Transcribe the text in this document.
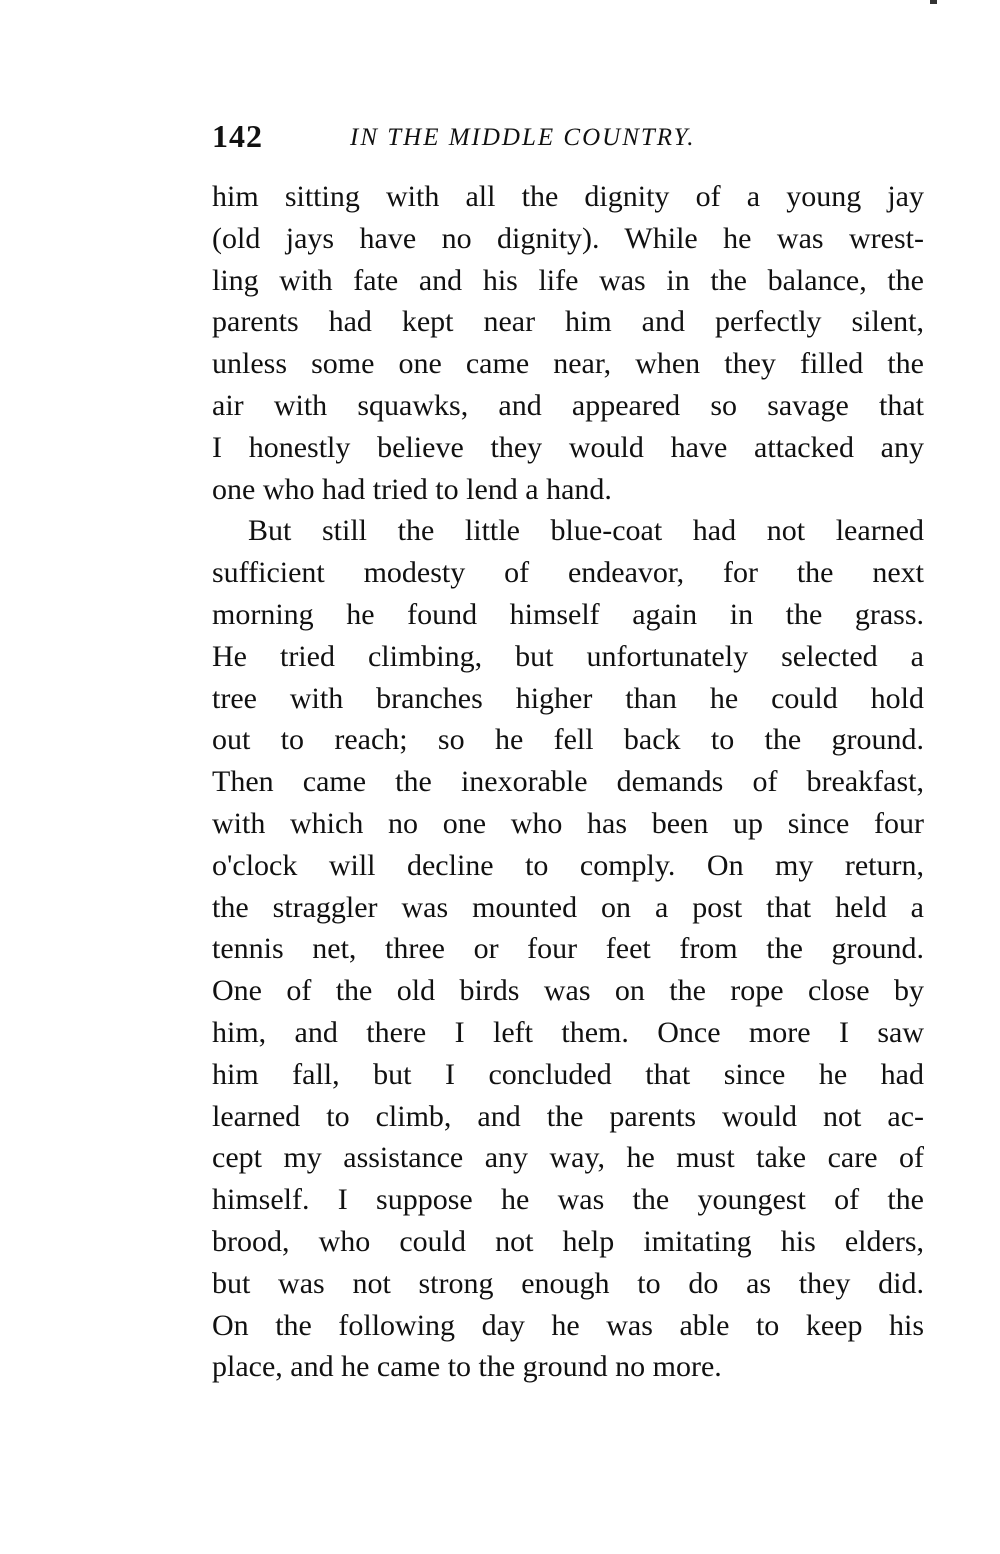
142	IN THE MIDDLE COUNTRY.
him sitting with all the dignity of a young jay
(old jays have no dignity). While he was wrest-
ling with fate and his life was in the balance, the
parents had kept near him and perfectly silent,
unless some one came near, when they filled the
air with squawks, and appeared so savage that
I honestly believe they would have attacked any
one who had tried to lend a hand.
But still the little blue-coat had not learned
sufficient modesty of endeavor, for the next
morning he found himself again in the grass.
He tried climbing, but unfortunately selected a
tree with branches higher than he could hold
out to reach; so he fell back to the ground.
Then came the inexorable demands of breakfast,
with which no one who has been up since four
o'clock will decline to comply. On my return,
the straggler was mounted on a post that held a
tennis net, three or four feet from the ground.
One of the old birds was on the rope close by
him, and there I left them. Once more I saw
him fall, but I concluded that since he had
learned to climb, and the parents would not ac-
cept my assistance any way, he must take care of
himself. I suppose he was the youngest of the
brood, who could not help imitating his elders,
but was not strong enough to do as they did.
On the following day he was able to keep his
place, and he came to the ground no more.
